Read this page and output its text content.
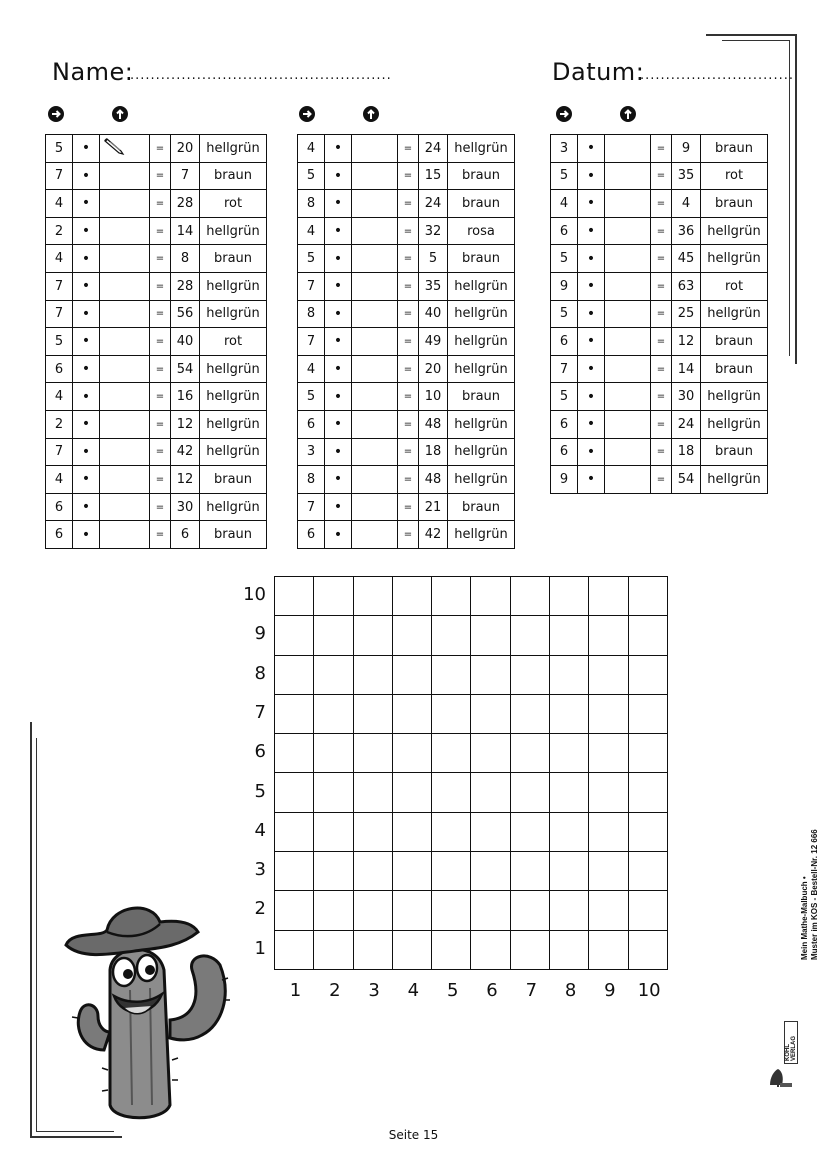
Name:
...................................................	Datum:
..............................
5	•		=	20	hellgrün
7	•		=	7	braun
4	•		=	28	rot
2	•		=	14	hellgrün
4	•		=	8	braun
7	•		=	28	hellgrün
7	•		=	56	hellgrün
5	•		=	40	rot
6	•		=	54	hellgrün
4	•		=	16	hellgrün
2	•		=	12	hellgrün
7	•		=	42	hellgrün
4	•		=	12	braun
6	•		=	30	hellgrün
6	•		=	6	braun
4	•		=	24	hellgrün
5	•		=	15	braun
8	•		=	24	braun
4	•		=	32	rosa
5	•		=	5	braun
7	•		=	35	hellgrün
8	•		=	40	hellgrün
7	•		=	49	hellgrün
4	•		=	20	hellgrün
5	•		=	10	braun
6	•		=	48	hellgrün
3	•		=	18	hellgrün
8	•		=	48	hellgrün
7	•		=	21	braun
6	•		=	42	hellgrün
3	•		=	9	braun
5	•		=	35	rot
4	•		=	4	braun
6	•		=	36	hellgrün
5	•		=	45	hellgrün
9	•		=	63	rot
5	•		=	25	hellgrün
6	•		=	12	braun
7	•		=	14	braun
5	•		=	30	hellgrün
6	•		=	24	hellgrün
6	•		=	18	braun
9	•		=	54	hellgrün
10
9
8
7
6
5
4
3
2
1
1	2	3	4	5	6	7	8	9	10
Seite 15
Mein Mathe-Malbuch • Muster im KOS - Bestell-Nr. 12 666
KOHL VERLAG
